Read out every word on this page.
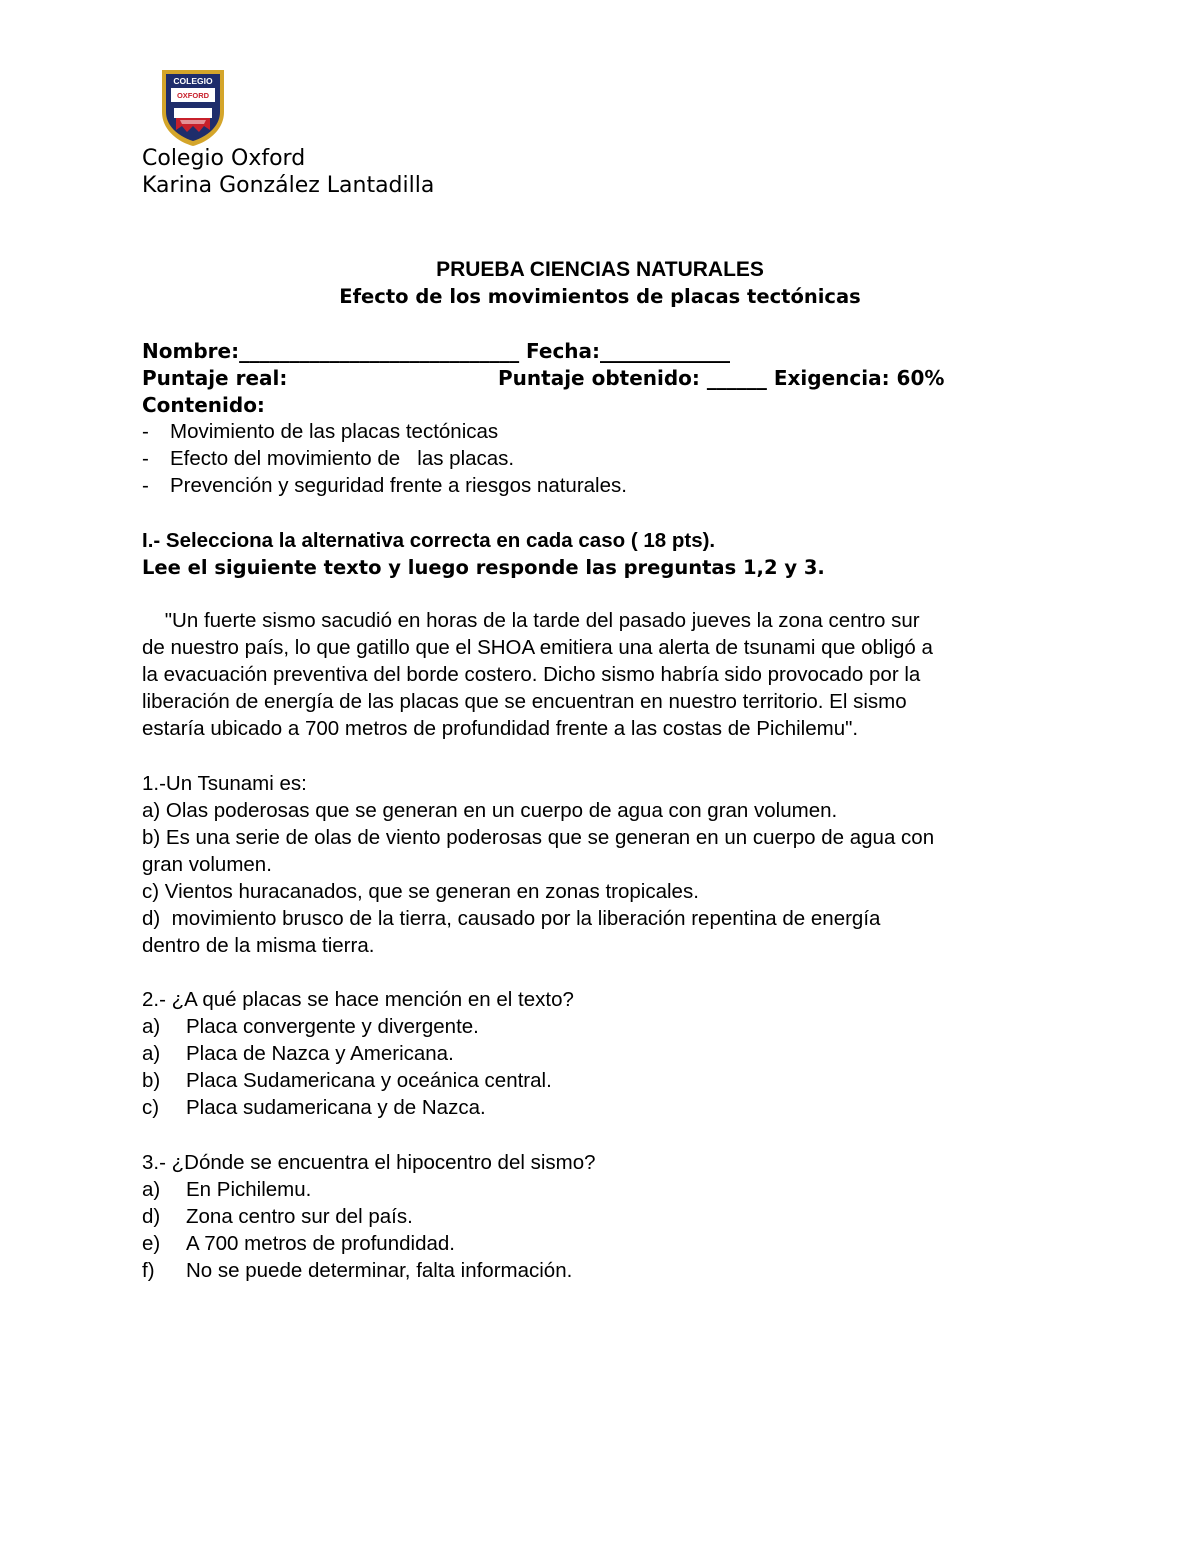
COLEGIO
OXFORD
Colegio Oxford
Karina González Lantadilla
PRUEBA CIENCIAS NATURALES
Efecto de los movimientos de placas tectónicas
Nombre:____________________________ Fecha:_____________
Puntaje real:	Puntaje obtenido: ______ Exigencia: 60%
Contenido:
- Movimiento de las placas tectónicas
- Efecto del movimiento de   las placas.
- Prevención y seguridad frente a riesgos naturales.
I.- Selecciona la alternativa correcta en cada caso ( 18 pts).
Lee el siguiente texto y luego responde las preguntas 1,2 y 3.
"Un fuerte sismo sacudió en horas de la tarde del pasado jueves la zona centro sur
de nuestro país, lo que gatillo que el SHOA emitiera una alerta de tsunami que obligó a
la evacuación preventiva del borde costero. Dicho sismo habría sido provocado por la
liberación de energía de las placas que se encuentran en nuestro territorio. El sismo
estaría ubicado a 700 metros de profundidad frente a las costas de Pichilemu".
1.-Un Tsunami es:
a) Olas poderosas que se generan en un cuerpo de agua con gran volumen.
b) Es una serie de olas de viento poderosas que se generan en un cuerpo de agua con
gran volumen.
c) Vientos huracanados, que se generan en zonas tropicales.
d)  movimiento brusco de la tierra, causado por la liberación repentina de energía
dentro de la misma tierra.
2.- ¿A qué placas se hace mención en el texto?
a) Placa convergente y divergente.
a) Placa de Nazca y Americana.
b) Placa Sudamericana y oceánica central.
c) Placa sudamericana y de Nazca.
3.- ¿Dónde se encuentra el hipocentro del sismo?
a) En Pichilemu.
d) Zona centro sur del país.
e) A 700 metros de profundidad.
f) No se puede determinar, falta información.
